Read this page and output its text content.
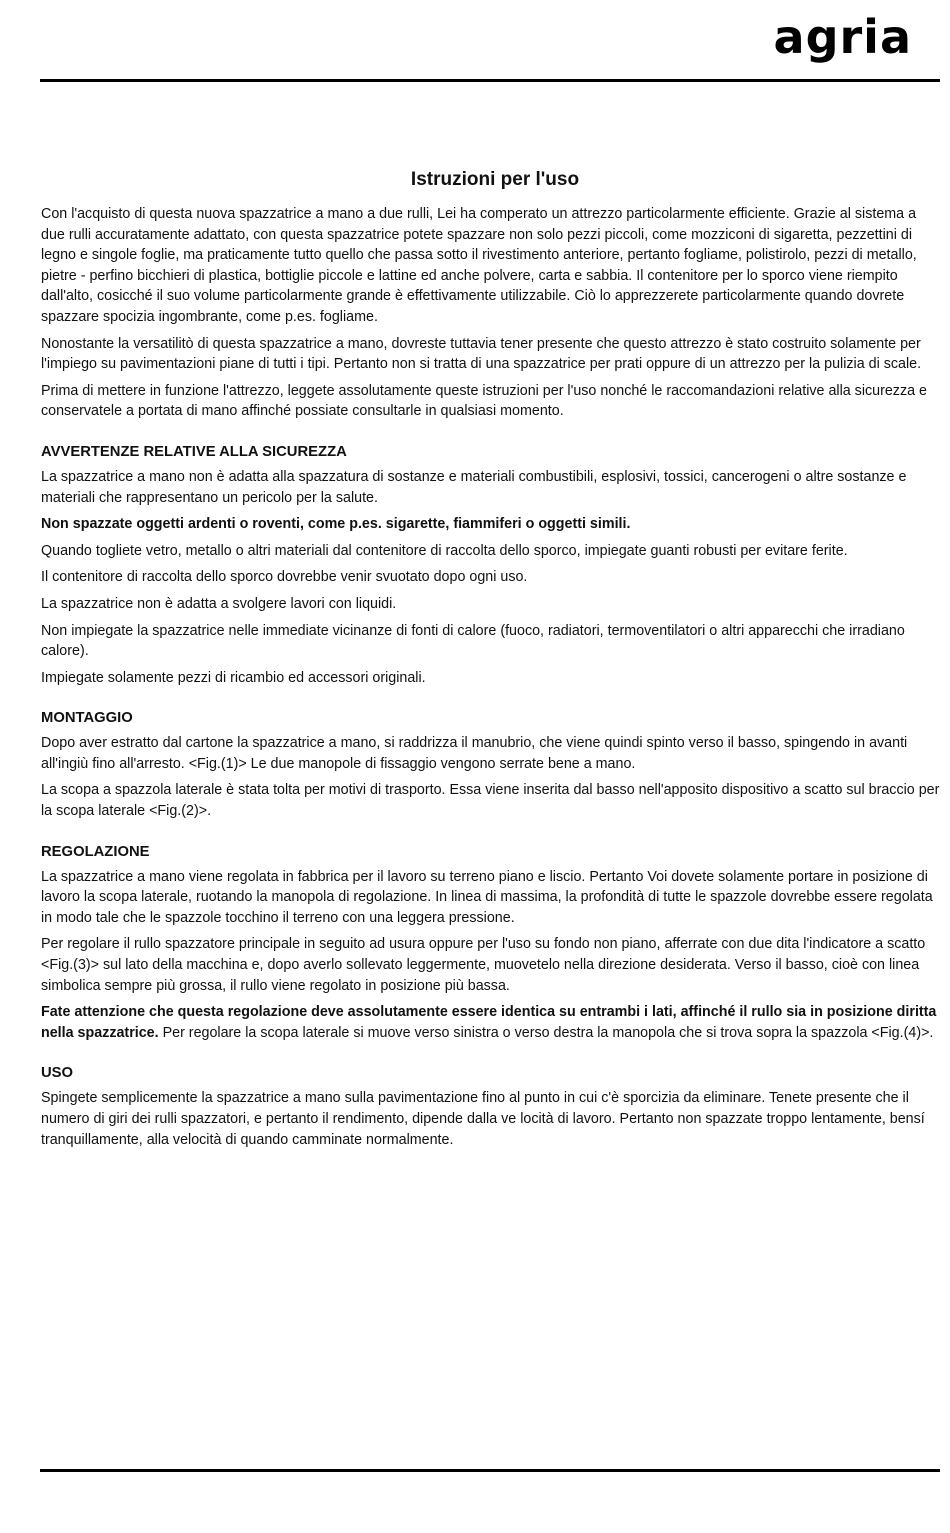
agria
Istruzioni per l'uso

Con l'acquisto di questa nuova spazzatrice a mano a due rulli, Lei ha comperato un attrezzo particolarmente efficiente. Grazie al sistema a due rulli accuratamente adattato, con questa spazzatrice potete spazzare non solo pezzi piccoli, come mozziconi di sigaretta, pezzettini di legno e singole foglie, ma praticamente tutto quello che passa sotto il rivestimento anteriore, pertanto fogliame, polistirolo, pezzi di metallo, pietre - perfino bicchieri di plastica, bottiglie piccole e lattine ed anche polvere, carta e sabbia. Il contenitore per lo sporco viene riempito dall'alto, cosicché il suo volume particolarmente grande è effettivamente utilizzabile. Ciò lo apprezzerete particolarmente quando dovrete spazzare spocizia ingombrante, come p.es. fogliame.

Nonostante la versatilitò di questa spazzatrice a mano, dovreste tuttavia tener presente che questo attrezzo è stato costruito solamente per l'impiego su pavimentazioni piane di tutti i tipi. Pertanto non si tratta di una spazzatrice per prati oppure di un attrezzo per la pulizia di scale.

Prima di mettere in funzione l'attrezzo, leggete assolutamente queste istruzioni per l'uso nonché le raccomandazioni relative alla sicurezza e conservatele a portata di mano affinché possiate consultarle in qualsiasi momento.

AVVERTENZE RELATIVE ALLA SICUREZZA

La spazzatrice a mano non è adatta alla spazzatura di sostanze e materiali combustibili, esplosivi, tossici, cancerogeni o altre sostanze e materiali che rappresentano un pericolo per la salute.

Non spazzate oggetti ardenti o roventi, come p.es. sigarette, fiammiferi o oggetti simili.

Quando togliete vetro, metallo o altri materiali dal contenitore di raccolta dello sporco, impiegate guanti robusti per evitare ferite.

Il contenitore di raccolta dello sporco dovrebbe venir svuotato dopo ogni uso.

La spazzatrice non è adatta a svolgere lavori con liquidi.

Non impiegate la spazzatrice nelle immediate vicinanze di fonti di calore (fuoco, radiatori, termoventilatori o altri apparecchi che irradiano calore).

Impiegate solamente pezzi di ricambio ed accessori originali.

MONTAGGIO

Dopo aver estratto dal cartone la spazzatrice a mano, si raddrizza il manubrio, che viene quindi spinto verso il basso, spingendo in avanti all'ingiù fino all'arresto. <Fig.(1)> Le due manopole di fissaggio vengono serrate bene a mano.

La scopa a spazzola laterale è stata tolta per motivi di trasporto. Essa viene inserita dal basso nell'apposito dispositivo a scatto sul braccio per la scopa laterale <Fig.(2)>.

REGOLAZIONE

La spazzatrice a mano viene regolata in fabbrica per il lavoro su terreno piano e liscio. Pertanto Voi dovete solamente portare in posizione di lavoro la scopa laterale, ruotando la manopola di regolazione. In linea di massima, la profondità di tutte le spazzole dovrebbe essere regolata in modo tale che le spazzole tocchino il terreno con una leggera pressione.

Per regolare il rullo spazzatore principale in seguito ad usura oppure per l'uso su fondo non piano, afferrate con due dita l'indicatore a scatto <Fig.(3)> sul lato della macchina e, dopo averlo sollevato leggermente, muovetelo nella direzione desiderata. Verso il basso, cioè con linea simbolica sempre più grossa, il rullo viene regolato in posizione più bassa.

Fate attenzione che questa regolazione deve assolutamente essere identica su entrambi i lati, affinché il rullo sia in posizione diritta nella spazzatrice. Per regolare la scopa laterale si muove verso sinistra o verso destra la manopola che si trova sopra la spazzola <Fig.(4)>.

USO

Spingete semplicemente la spazzatrice a mano sulla pavimentazione fino al punto in cui c'è sporcizia da eliminare. Tenete presente che il numero di giri dei rulli spazzatori, e pertanto il rendimento, dipende dalla ve locità di lavoro. Pertanto non spazzate troppo lentamente, bensí tranquillamente, alla velocità di quando camminate normalmente.
